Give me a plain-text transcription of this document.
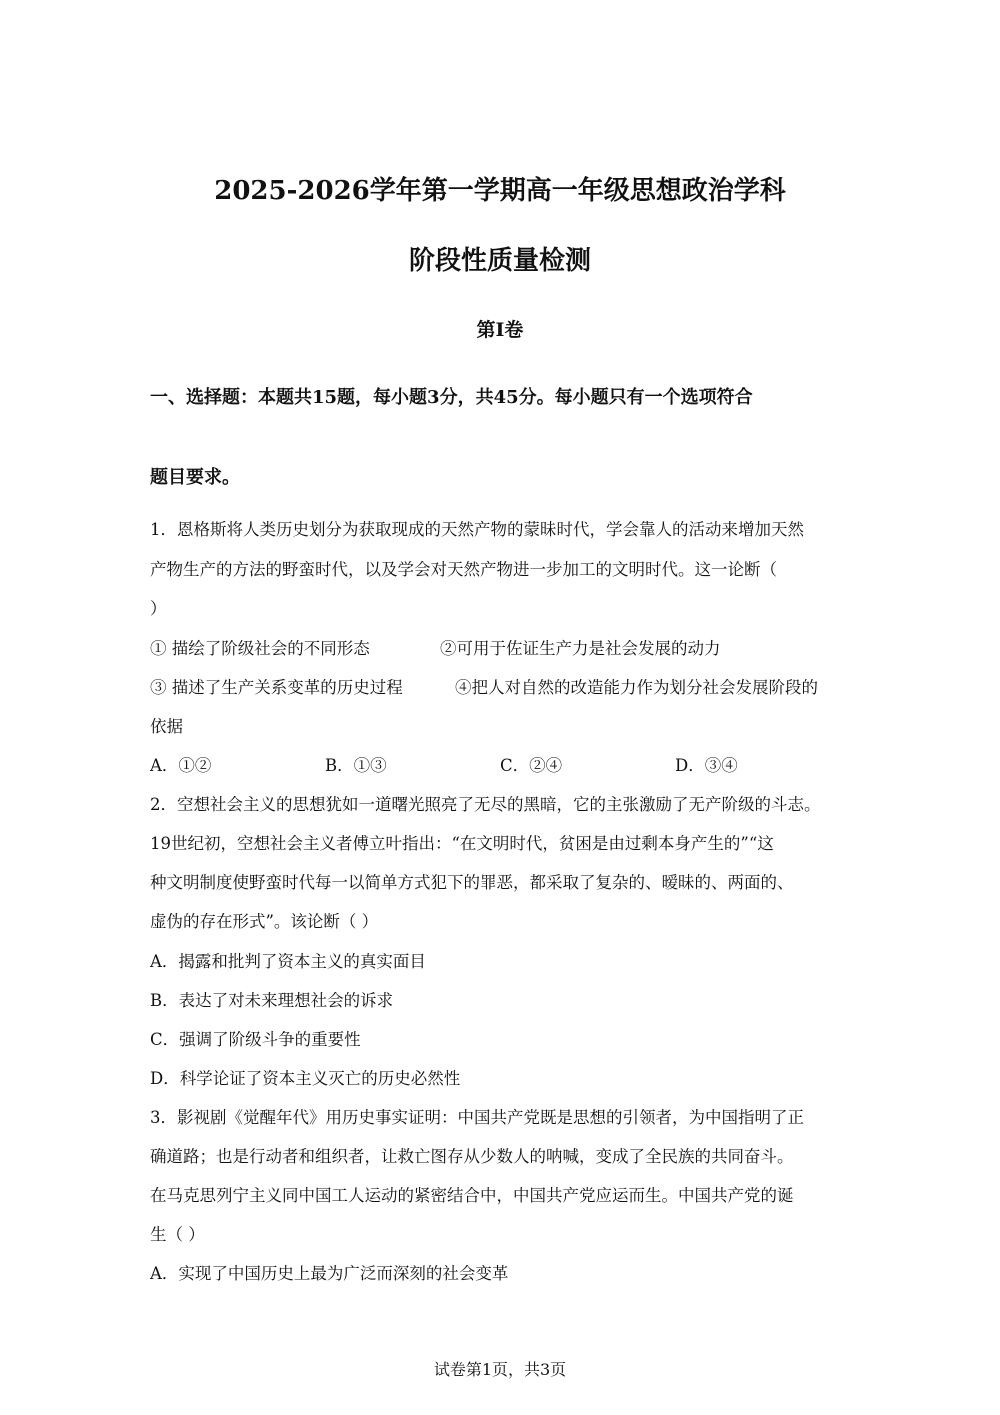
2025-2026学年第一学期高一年级思想政治学科
阶段性质量检测
第Ⅰ卷
一、选择题：本题共15题，每小题3分，共45分。每小题只有一个选项符合
题目要求。
1．恩格斯将人类历史划分为获取现成的天然产物的蒙昧时代，学会靠人的活动来增加天然
产物生产的方法的野蛮时代，以及学会对天然产物进一步加工的文明时代。这一论断（
）
① 描绘了阶级社会的不同形态	②可用于佐证生产力是社会发展的动力
③ 描述了生产关系变革的历史过程	④把人对自然的改造能力作为划分社会发展阶段的
依据
A．①②	B．①③	C．②④	D．③④
2．空想社会主义的思想犹如一道曙光照亮了无尽的黑暗，它的主张激励了无产阶级的斗志。
19世纪初，空想社会主义者傅立叶指出：“在文明时代，贫困是由过剩本身产生的”“这
种文明制度使野蛮时代每一以简单方式犯下的罪恶，都采取了复杂的、暧昧的、两面的、
虚伪的存在形式”。该论断（ ）
A．揭露和批判了资本主义的真实面目
B．表达了对未来理想社会的诉求
C．强调了阶级斗争的重要性
D．科学论证了资本主义灭亡的历史必然性
3．影视剧《觉醒年代》用历史事实证明：中国共产党既是思想的引领者，为中国指明了正
确道路；也是行动者和组织者，让救亡图存从少数人的呐喊，变成了全民族的共同奋斗。
在马克思列宁主义同中国工人运动的紧密结合中，中国共产党应运而生。中国共产党的诞
生（ ）
A．实现了中国历史上最为广泛而深刻的社会变革
试卷第1页，共3页
